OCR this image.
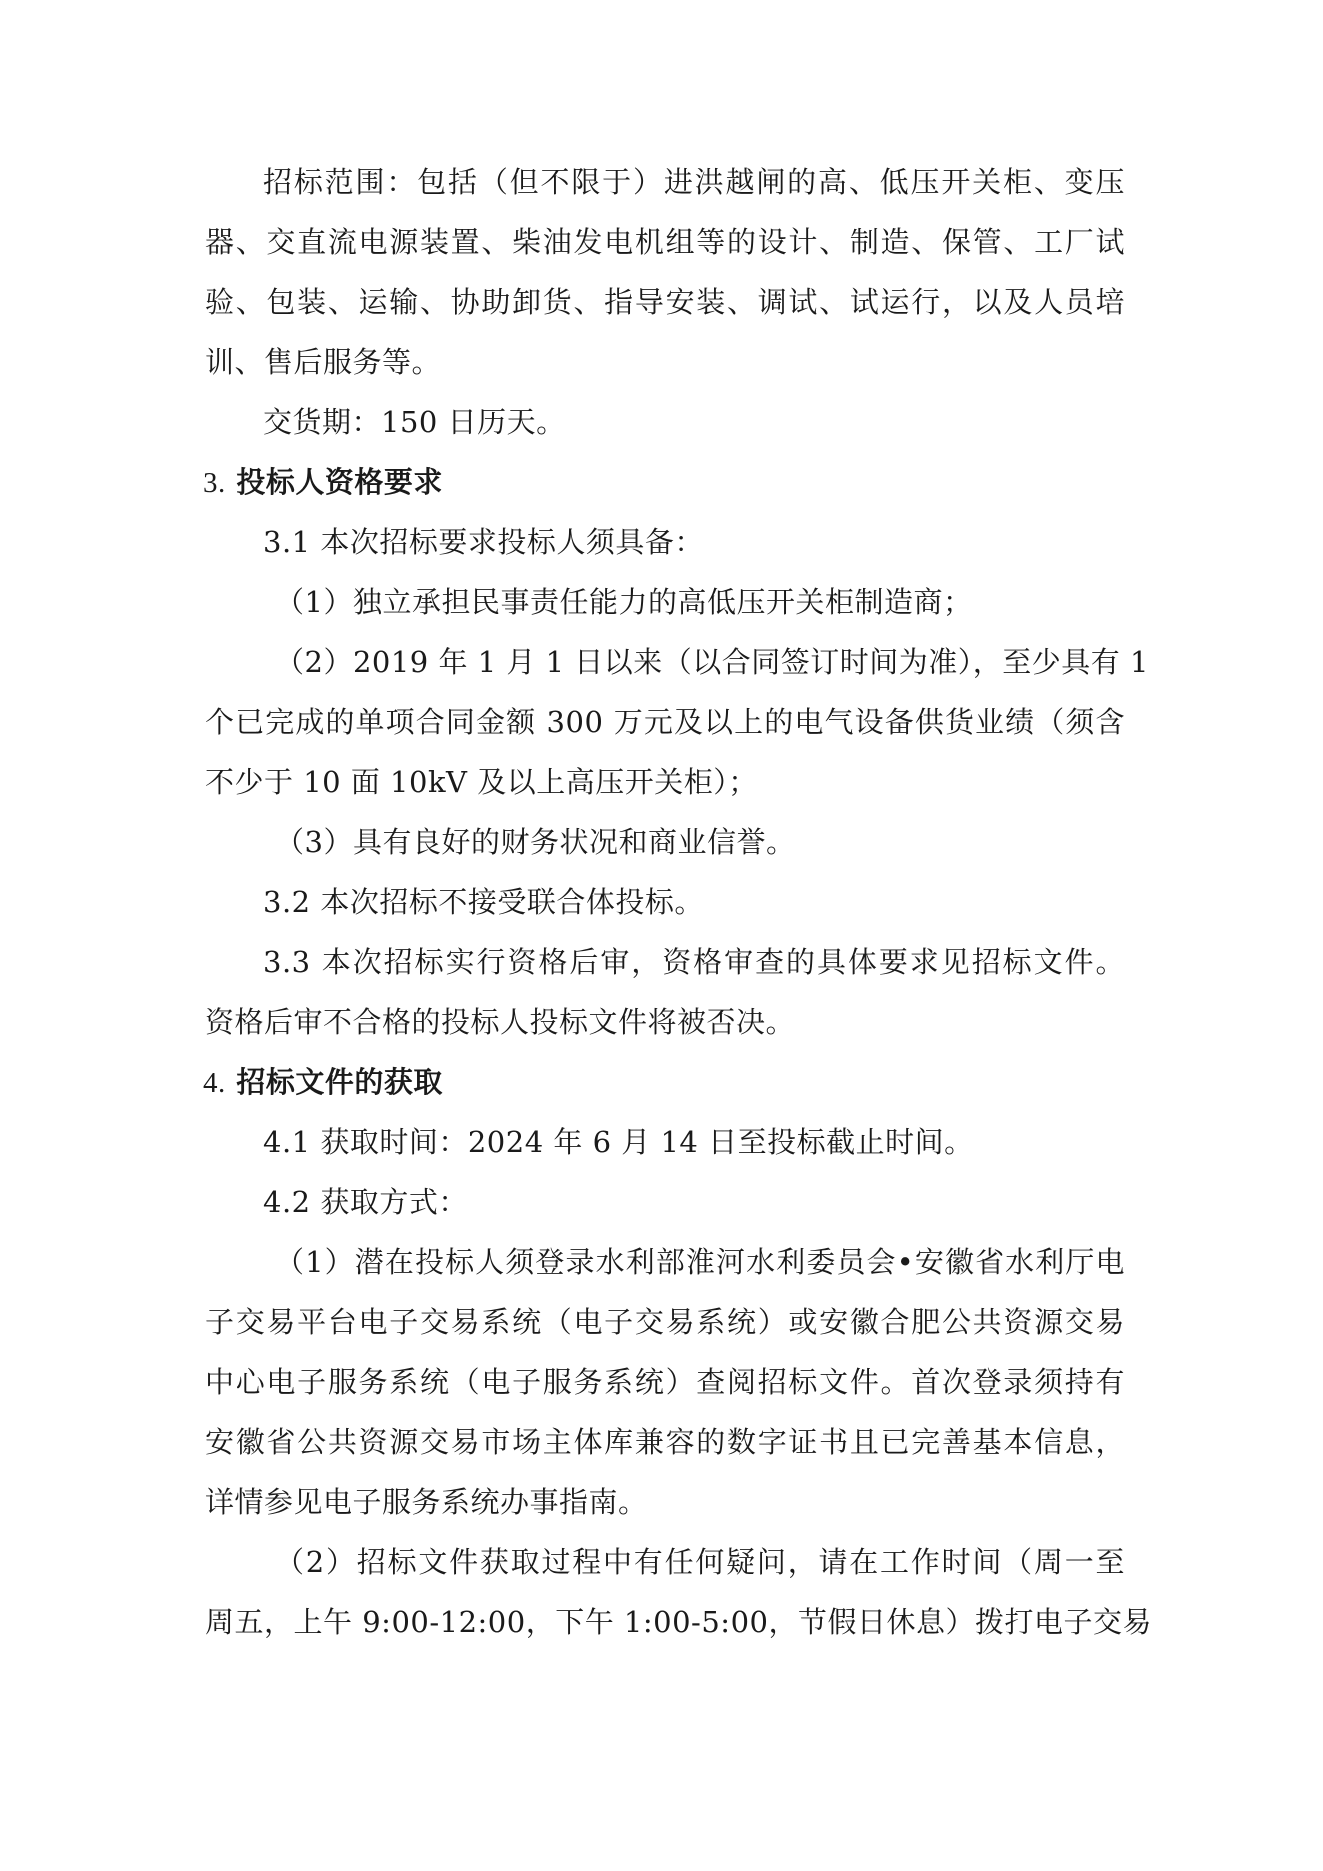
招标范围：包括（但不限于）进洪越闸的高、低压开关柜、变压
器、交直流电源装置、柴油发电机组等的设计、制造、保管、工厂试
验、包装、运输、协助卸货、指导安装、调试、试运行，以及人员培
训、售后服务等。
交货期：150 日历天。
3. 投标人资格要求
3.1 本次招标要求投标人须具备：
（1）独立承担民事责任能力的高低压开关柜制造商；
（2）2019 年 1 月 1 日以来（以合同签订时间为准），至少具有 1
个已完成的单项合同金额 300 万元及以上的电气设备供货业绩（须含
不少于 10 面 10kV 及以上高压开关柜）；
（3）具有良好的财务状况和商业信誉。
3.2 本次招标不接受联合体投标。
3.3 本次招标实行资格后审，资格审查的具体要求见招标文件。
资格后审不合格的投标人投标文件将被否决。
4. 招标文件的获取
4.1 获取时间：2024 年 6 月 14 日至投标截止时间。
4.2 获取方式：
（1）潜在投标人须登录水利部淮河水利委员会•安徽省水利厅电
子交易平台电子交易系统（电子交易系统）或安徽合肥公共资源交易
中心电子服务系统（电子服务系统）查阅招标文件。首次登录须持有
安徽省公共资源交易市场主体库兼容的数字证书且已完善基本信息，
详情参见电子服务系统办事指南。
（2）招标文件获取过程中有任何疑问，请在工作时间（周一至
周五，上午 9:00-12:00，下午 1:00-5:00，节假日休息）拨打电子交易
